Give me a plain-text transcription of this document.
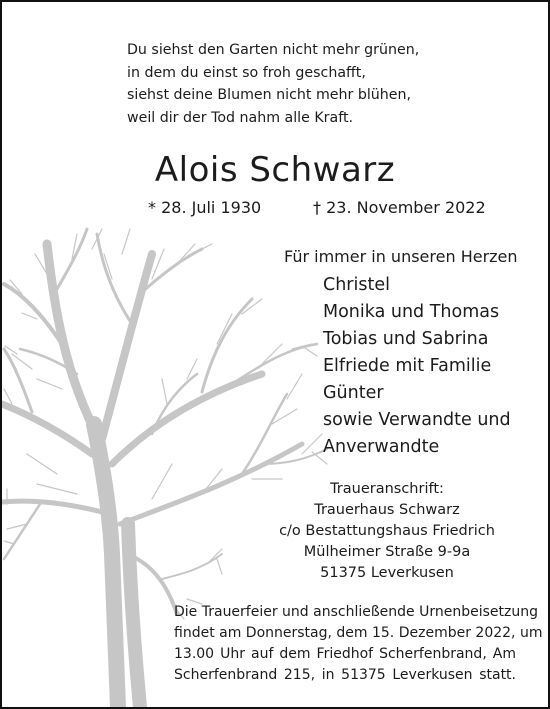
Du siehst den Garten nicht mehr grünen,
in dem du einst so froh geschafft,
siehst deine Blumen nicht mehr blühen,
weil dir der Tod nahm alle Kraft.
Alois Schwarz
* 28. Juli 1930	† 23. November 2022
Für immer in unseren Herzen
Christel
Monika und Thomas
Tobias und Sabrina
Elfriede mit Familie
Günter
sowie Verwandte und
Anverwandte
Traueranschrift:
Trauerhaus Schwarz
c/o Bestattungshaus Friedrich
Mülheimer Straße 9-9a
51375 Leverkusen
Die Trauerfeier und anschließende Urnenbeisetzung
findet am Donnerstag, dem 15. Dezember 2022, um
13.00 Uhr auf dem Friedhof Scherfenbrand, Am
Scherfenbrand 215, in 51375 Leverkusen statt.
